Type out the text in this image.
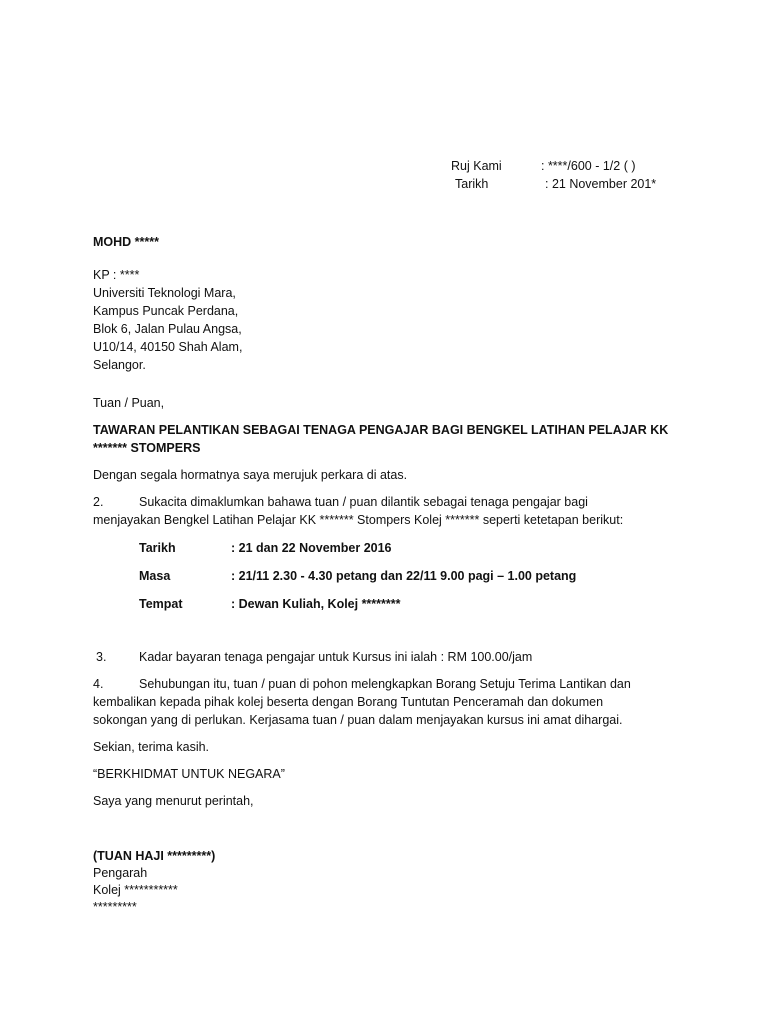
Ruj Kami	: ****/600 - 1/2 ( )
Tarikh	: 21 November 201*
MOHD *****
KP : ****
Universiti Teknologi Mara,
Kampus Puncak Perdana,
Blok 6, Jalan Pulau Angsa,
U10/14, 40150 Shah Alam,
Selangor.
Tuan / Puan,
TAWARAN PELANTIKAN SEBAGAI TENAGA PENGAJAR BAGI BENGKEL LATIHAN PELAJAR KK
******* STOMPERS
Dengan segala hormatnya saya merujuk perkara di atas.
2.	Sukacita dimaklumkan bahawa tuan / puan dilantik sebagai tenaga pengajar bagi
menjayakan Bengkel Latihan Pelajar KK ******* Stompers Kolej ******* seperti ketetapan berikut:
Tarikh	: 21 dan 22 November 2016
Masa	: 21/11 2.30 - 4.30 petang dan 22/11 9.00 pagi – 1.00 petang
Tempat	: Dewan Kuliah, Kolej ********
3.	Kadar bayaran tenaga pengajar untuk Kursus ini ialah : RM 100.00/jam
4.	Sehubungan itu, tuan / puan di pohon melengkapkan Borang Setuju Terima Lantikan dan
kembalikan kepada pihak kolej beserta dengan Borang Tuntutan Penceramah dan dokumen
sokongan yang di perlukan. Kerjasama tuan / puan dalam menjayakan kursus ini amat dihargai.
Sekian, terima kasih.
“BERKHIDMAT UNTUK NEGARA”
Saya yang menurut perintah,
(TUAN HAJI *********)
Pengarah
Kolej ***********
*********
